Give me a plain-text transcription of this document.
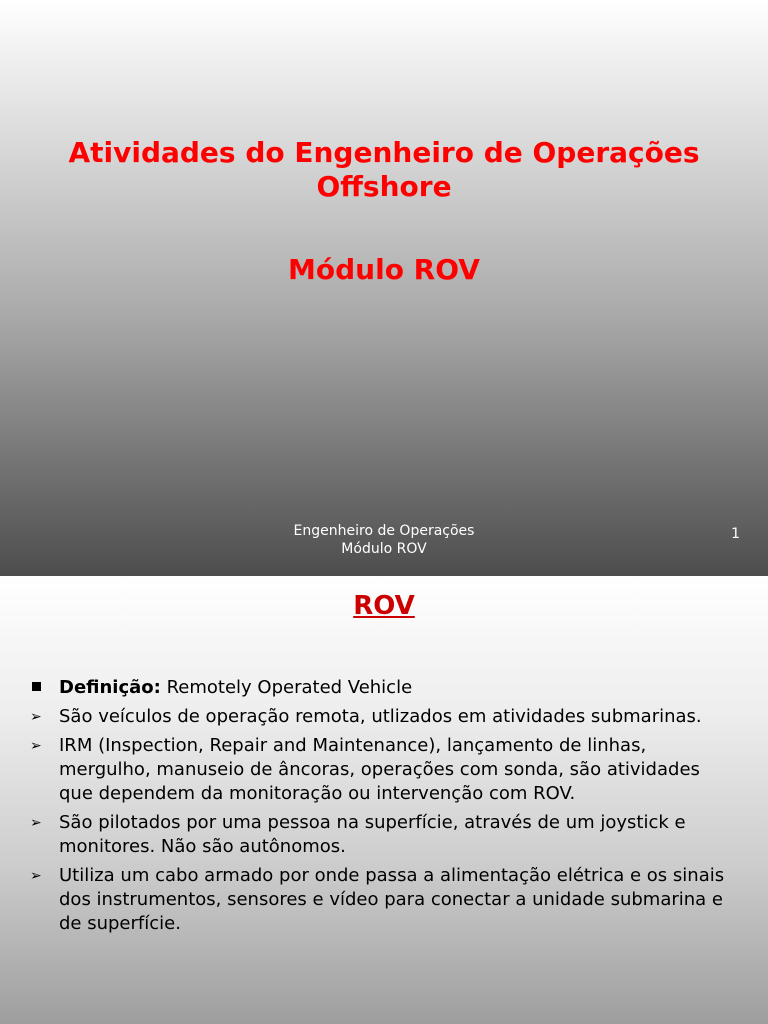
Atividades do Engenheiro de Operações
Offshore
Módulo ROV
Engenheiro de Operações
Módulo ROV
1
ROV
Definição: Remotely Operated Vehicle
➢ São veículos de operação remota, utlizados em atividades submarinas.
➢ IRM (Inspection, Repair and Maintenance), lançamento de linhas, mergulho, manuseio de âncoras, operações com sonda, são atividades que dependem da monitoração ou intervenção com ROV.
➢ São pilotados por uma pessoa na superfície, através de um joystick e monitores. Não são autônomos.
➢ Utiliza um cabo armado por onde passa a alimentação elétrica e os sinais dos instrumentos, sensores e vídeo para conectar a unidade submarina e de superfície.
